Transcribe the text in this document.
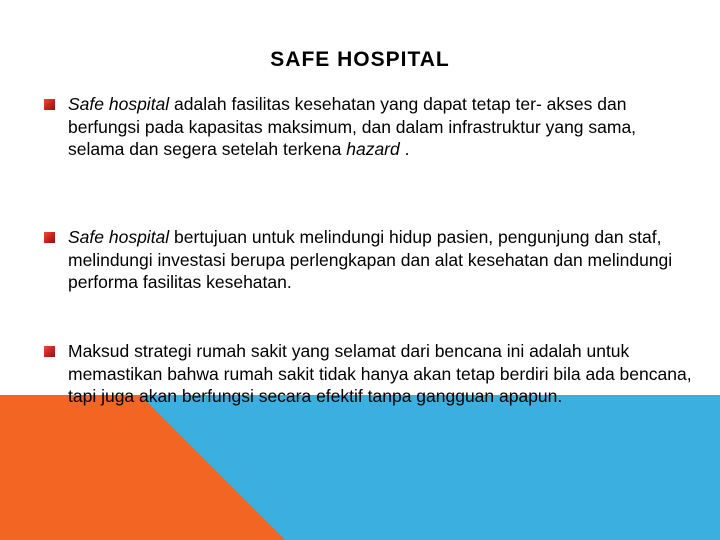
SAFE HOSPITAL
Safe hospital adalah fasilitas kesehatan yang dapat tetap ter- akses dan berfungsi pada kapasitas maksimum, dan dalam infrastruktur yang sama, selama dan segera setelah terkena hazard .
Safe hospital bertujuan untuk melindungi hidup pasien, pengunjung dan staf, melindungi investasi berupa perlengkapan dan alat kesehatan dan melindungi performa fasilitas kesehatan.
Maksud strategi rumah sakit yang selamat dari bencana ini adalah untuk memastikan bahwa rumah sakit tidak hanya akan tetap berdiri bila ada bencana, tapi juga akan berfungsi secara efektif tanpa gangguan apapun.
